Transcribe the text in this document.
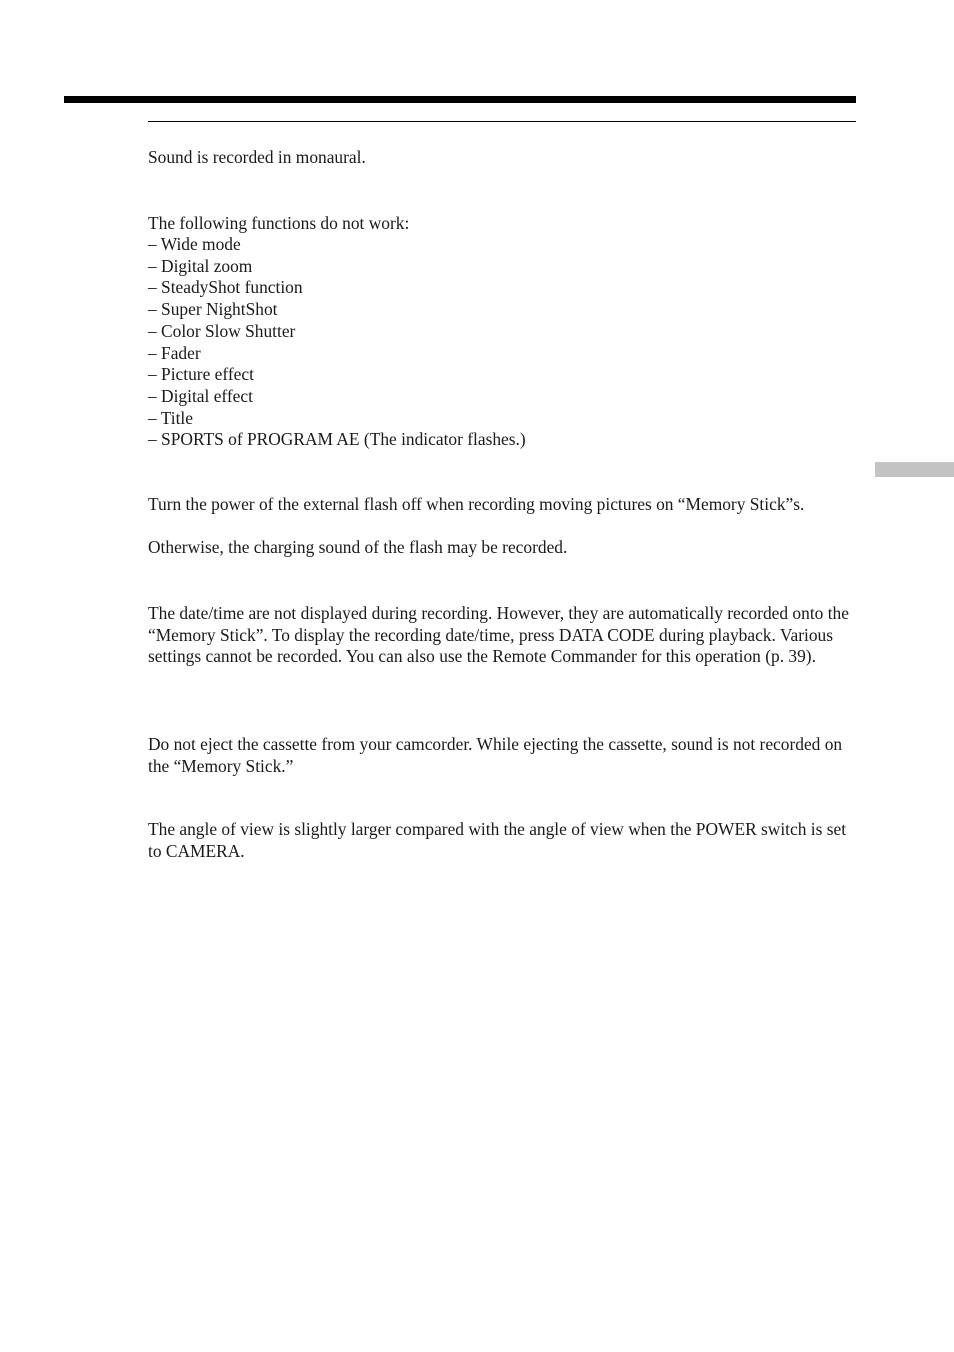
Sound is recorded in monaural.

The following functions do not work:

– Wide mode
– Digital zoom
– SteadyShot function
– Super NightShot
– Color Slow Shutter
– Fader
– Picture effect
– Digital effect
– Title
– SPORTS of PROGRAM AE (The indicator flashes.)

Turn the power of the external flash off when recording moving pictures on “Memory Stick”s.

Otherwise, the charging sound of the flash may be recorded.

The date/time are not displayed during recording. However, they are automatically recorded onto the “Memory Stick”. To display the recording date/time, press DATA CODE during playback. Various settings cannot be recorded. You can also use the Remote Commander for this operation (p. 39).

Do not eject the cassette from your camcorder. While ejecting the cassette, sound is not recorded on the “Memory Stick.”

The angle of view is slightly larger compared with the angle of view when the POWER switch is set to CAMERA.
